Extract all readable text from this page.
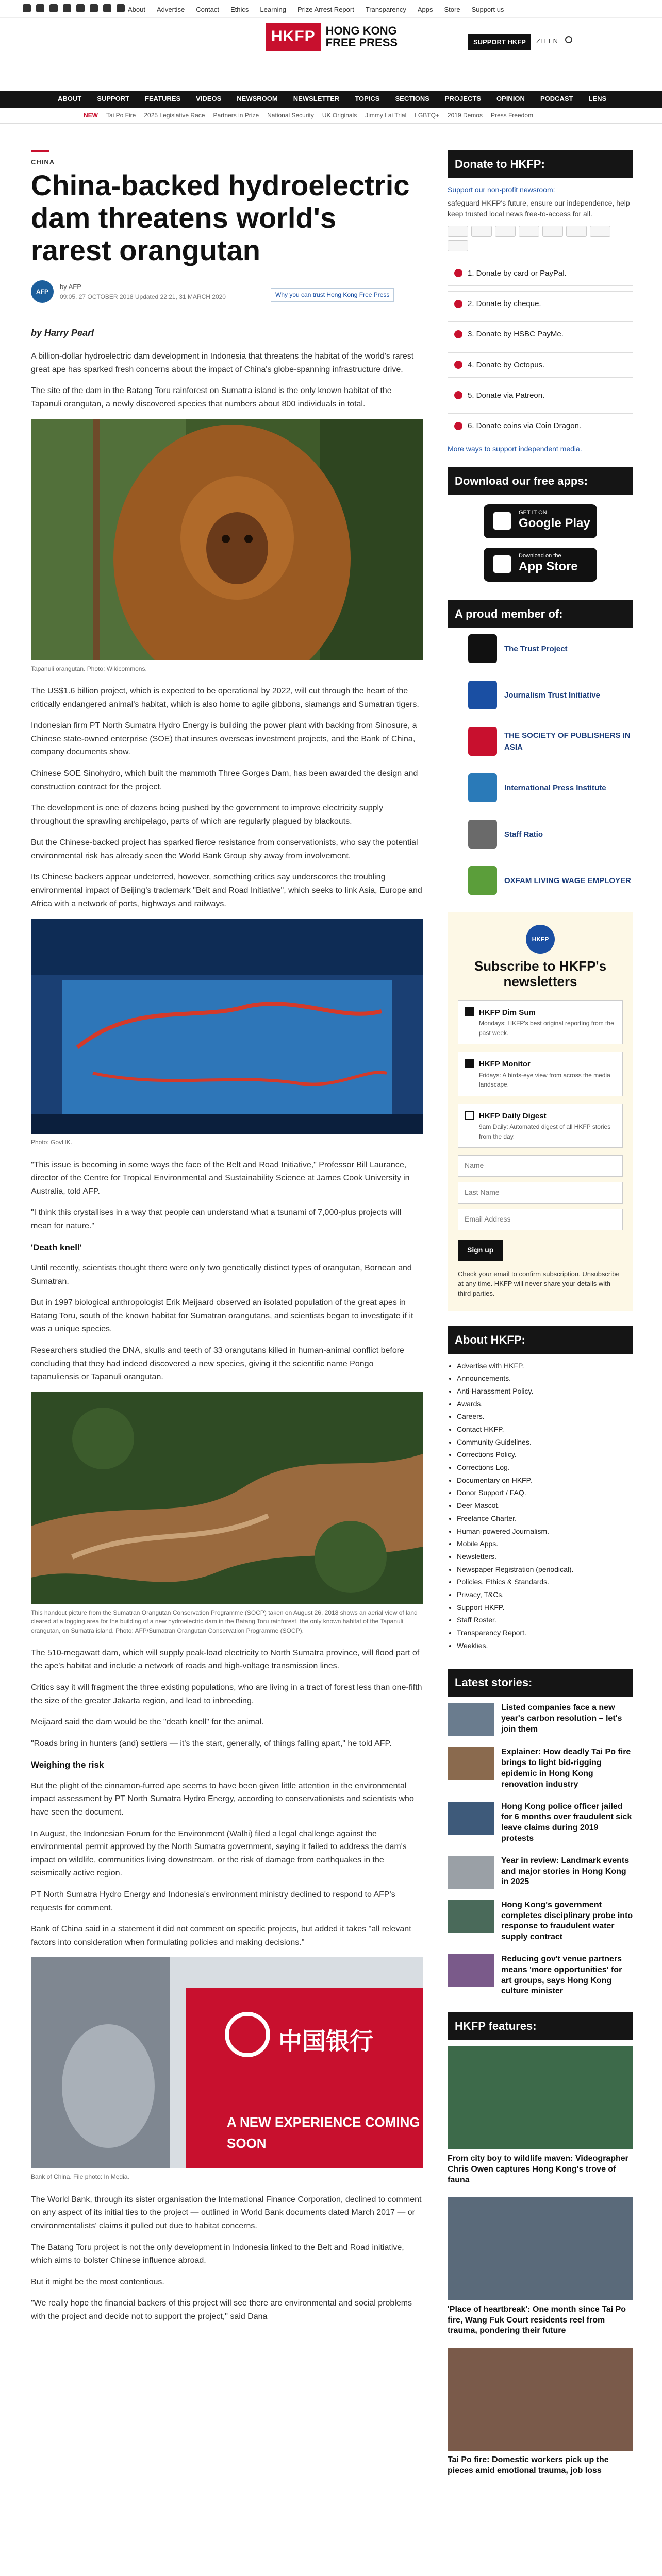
About Advertise Contact Ethics Learning Prize Arrest Report Transparency Apps Store Support us
HKFP HONG KONG
FREE PRESS	SUPPORT HKFP	ZH EN
ABOUT SUPPORT FEATURES VIDEOS NEWSROOM NEWSLETTER TOPICS SECTIONS PROJECTS OPINION PODCAST LENS
NEW Tai Po Fire 2025 Legislative Race Partners in Prize National Security UK Originals Jimmy Lai Trial LGBTQ+ 2019 Demos Press Freedom
CHINA
China-backed hydroelectric dam threatens world's rarest orangutan
AFP
by AFP
09:05, 27 OCTOBER 2018 Updated 22:21, 31 MARCH 2020	Why you can trust Hong Kong Free Press
by Harry Pearl

A billion-dollar hydroelectric dam development in Indonesia that threatens the habitat of the world's rarest great ape has sparked fresh concerns about the impact of China's globe-spanning infrastructure drive.

The site of the dam in the Batang Toru rainforest on Sumatra island is the only known habitat of the Tapanuli orangutan, a newly discovered species that numbers about 800 individuals in total.

Tapanuli orangutan. Photo: Wikicommons.

The US$1.6 billion project, which is expected to be operational by 2022, will cut through the heart of the critically endangered animal's habitat, which is also home to agile gibbons, siamangs and Sumatran tigers.

Indonesian firm PT North Sumatra Hydro Energy is building the power plant with backing from Sinosure, a Chinese state-owned enterprise (SOE) that insures overseas investment projects, and the Bank of China, company documents show.

Chinese SOE Sinohydro, which built the mammoth Three Gorges Dam, has been awarded the design and construction contract for the project.

The development is one of dozens being pushed by the government to improve electricity supply throughout the sprawling archipelago, parts of which are regularly plagued by blackouts.

But the Chinese-backed project has sparked fierce resistance from conservationists, who say the potential environmental risk has already seen the World Bank Group shy away from involvement.

Its Chinese backers appear undeterred, however, something critics say underscores the troubling environmental impact of Beijing's trademark "Belt and Road Initiative", which seeks to link Asia, Europe and Africa with a network of ports, highways and railways.

Photo: GovHK.

"This issue is becoming in some ways the face of the Belt and Road Initiative," Professor Bill Laurance, director of the Centre for Tropical Environmental and Sustainability Science at James Cook University in Australia, told AFP.

"I think this crystallises in a way that people can understand what a tsunami of 7,000-plus projects will mean for nature."

'Death knell'

Until recently, scientists thought there were only two genetically distinct types of orangutan, Bornean and Sumatran.

But in 1997 biological anthropologist Erik Meijaard observed an isolated population of the great apes in Batang Toru, south of the known habitat for Sumatran orangutans, and scientists began to investigate if it was a unique species.

Researchers studied the DNA, skulls and teeth of 33 orangutans killed in human-animal conflict before concluding that they had indeed discovered a new species, giving it the scientific name Pongo tapanuliensis or Tapanuli orangutan.

This handout picture from the Sumatran Orangutan Conservation Programme (SOCP) taken on August 26, 2018 shows an aerial view of land cleared at a logging area for the building of a new hydroelectric dam in the Batang Toru rainforest, the only known habitat of the Tapanuli orangutan, on Sumatra island. Photo: AFP/Sumatran Orangutan Conservation Programme (SOCP).

The 510-megawatt dam, which will supply peak-load electricity to North Sumatra province, will flood part of the ape's habitat and include a network of roads and high-voltage transmission lines.

Critics say it will fragment the three existing populations, who are living in a tract of forest less than one-fifth the size of the greater Jakarta region, and lead to inbreeding.

Meijaard said the dam would be the "death knell" for the animal.

"Roads bring in hunters (and) settlers — it's the start, generally, of things falling apart," he told AFP.

Weighing the risk

But the plight of the cinnamon-furred ape seems to have been given little attention in the environmental impact assessment by PT North Sumatra Hydro Energy, according to conservationists and scientists who have seen the document.

In August, the Indonesian Forum for the Environment (Walhi) filed a legal challenge against the environmental permit approved by the North Sumatra government, saying it failed to address the dam's impact on wildlife, communities living downstream, or the risk of damage from earthquakes in the seismically active region.

PT North Sumatra Hydro Energy and Indonesia's environment ministry declined to respond to AFP's requests for comment.

Bank of China said in a statement it did not comment on specific projects, but added it takes "all relevant factors into consideration when formulating policies and making decisions."

中国银行
A NEW EXPERIENCE COMING SOON
Bank of China. File photo: In Media.

The World Bank, through its sister organisation the International Finance Corporation, declined to comment on any aspect of its initial ties to the project — outlined in World Bank documents dated March 2017 — or environmentalists' claims it pulled out due to habitat concerns.

The Batang Toru project is not the only development in Indonesia linked to the Belt and Road initiative, which aims to bolster Chinese influence abroad.

But it might be the most contentious.

"We really hope the financial backers of this project will see there are environmental and social problems with the project and decide not to support the project," said Dana

Donate to HKFP:
Support our non-profit newsroom:
safeguard HKFP's future, ensure our independence, help keep trusted local news free-to-access for all.
1. Donate by card or PayPal.
2. Donate by cheque.
3. Donate by HSBC PayMe.
4. Donate by Octopus.
5. Donate via Patreon.
6. Donate coins via Coin Dragon.
More ways to support independent media.
Download our free apps:
GET IT ON
Google Play
Download on the
App Store
A proud member of:
The Trust Project
Journalism Trust Initiative
THE SOCIETY OF PUBLISHERS IN ASIA
International Press Institute
Staff Ratio
OXFAM LIVING WAGE EMPLOYER
HKFP
Subscribe to HKFP's newsletters
HKFP Dim Sum
Mondays: HKFP's best original reporting from the past week.
HKFP Monitor
Fridays: A birds-eye view from across the media landscape.
HKFP Daily Digest
9am Daily: Automated digest of all HKFP stories from the day.
Name
Last Name
Email Address
Sign up
Check your email to confirm subscription. Unsubscribe at any time. HKFP will never share your details with third parties.
About HKFP:
• Advertise with HKFP.
• Announcements.
• Anti-Harassment Policy.
• Awards.
• Careers.
• Contact HKFP.
• Community Guidelines.
• Corrections Policy.
• Corrections Log.
• Documentary on HKFP.
• Donor Support / FAQ.
• Deer Mascot.
• Freelance Charter.
• Human-powered Journalism.
• Mobile Apps.
• Newsletters.
• Newspaper Registration (periodical).
• Policies, Ethics & Standards.
• Privacy, T&Cs.
• Support HKFP.
• Staff Roster.
• Transparency Report.
• Weeklies.
Latest stories:
Listed companies face a new year's carbon resolution – let's join them
Explainer: How deadly Tai Po fire brings to light bid-rigging epidemic in Hong Kong renovation industry
Hong Kong police officer jailed for 6 months over fraudulent sick leave claims during 2019 protests
Year in review: Landmark events and major stories in Hong Kong in 2025
Hong Kong's government completes disciplinary probe into response to fraudulent water supply contract
Reducing gov't venue partners means 'more opportunities' for art groups, says Hong Kong culture minister
HKFP features:
From city boy to wildlife maven: Videographer Chris Owen captures Hong Kong's trove of fauna
'Place of heartbreak': One month since Tai Po fire, Wang Fuk Court residents reel from trauma, pondering their future
Tai Po fire: Domestic workers pick up the pieces amid emotional trauma, job loss
